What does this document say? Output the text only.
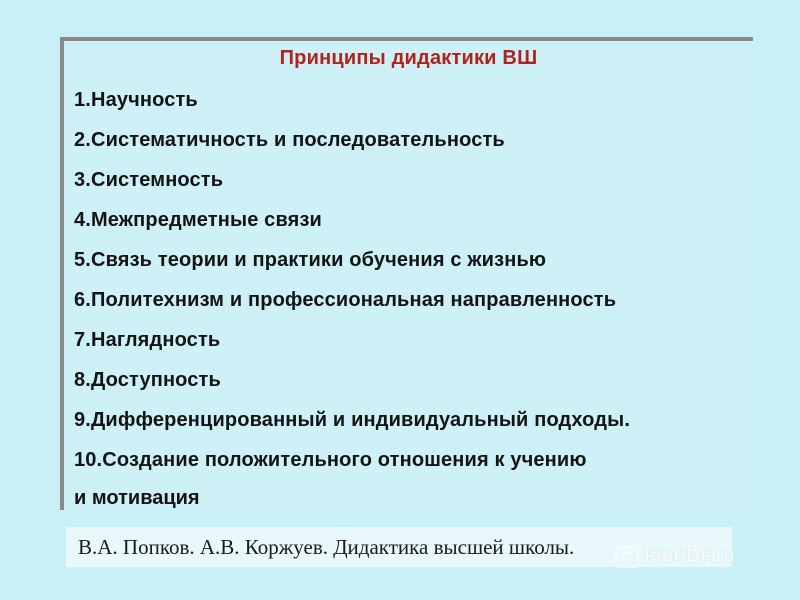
Принципы дидактики ВШ
1.Научность
2.Систематичность и последовательность
3.Системность
4.Межпредметные связи
5.Связь теории и практики обучения с жизнью
6.Политехнизм и профессиональная направленность
7.Наглядность
8.Доступность
9.Дифференцированный и индивидуальный подходы.
10.Создание положительного отношения к учению
и мотивация
В.А. Попков. А.В. Коржуев. Дидактика высшей школы.	FinPDF.ru
